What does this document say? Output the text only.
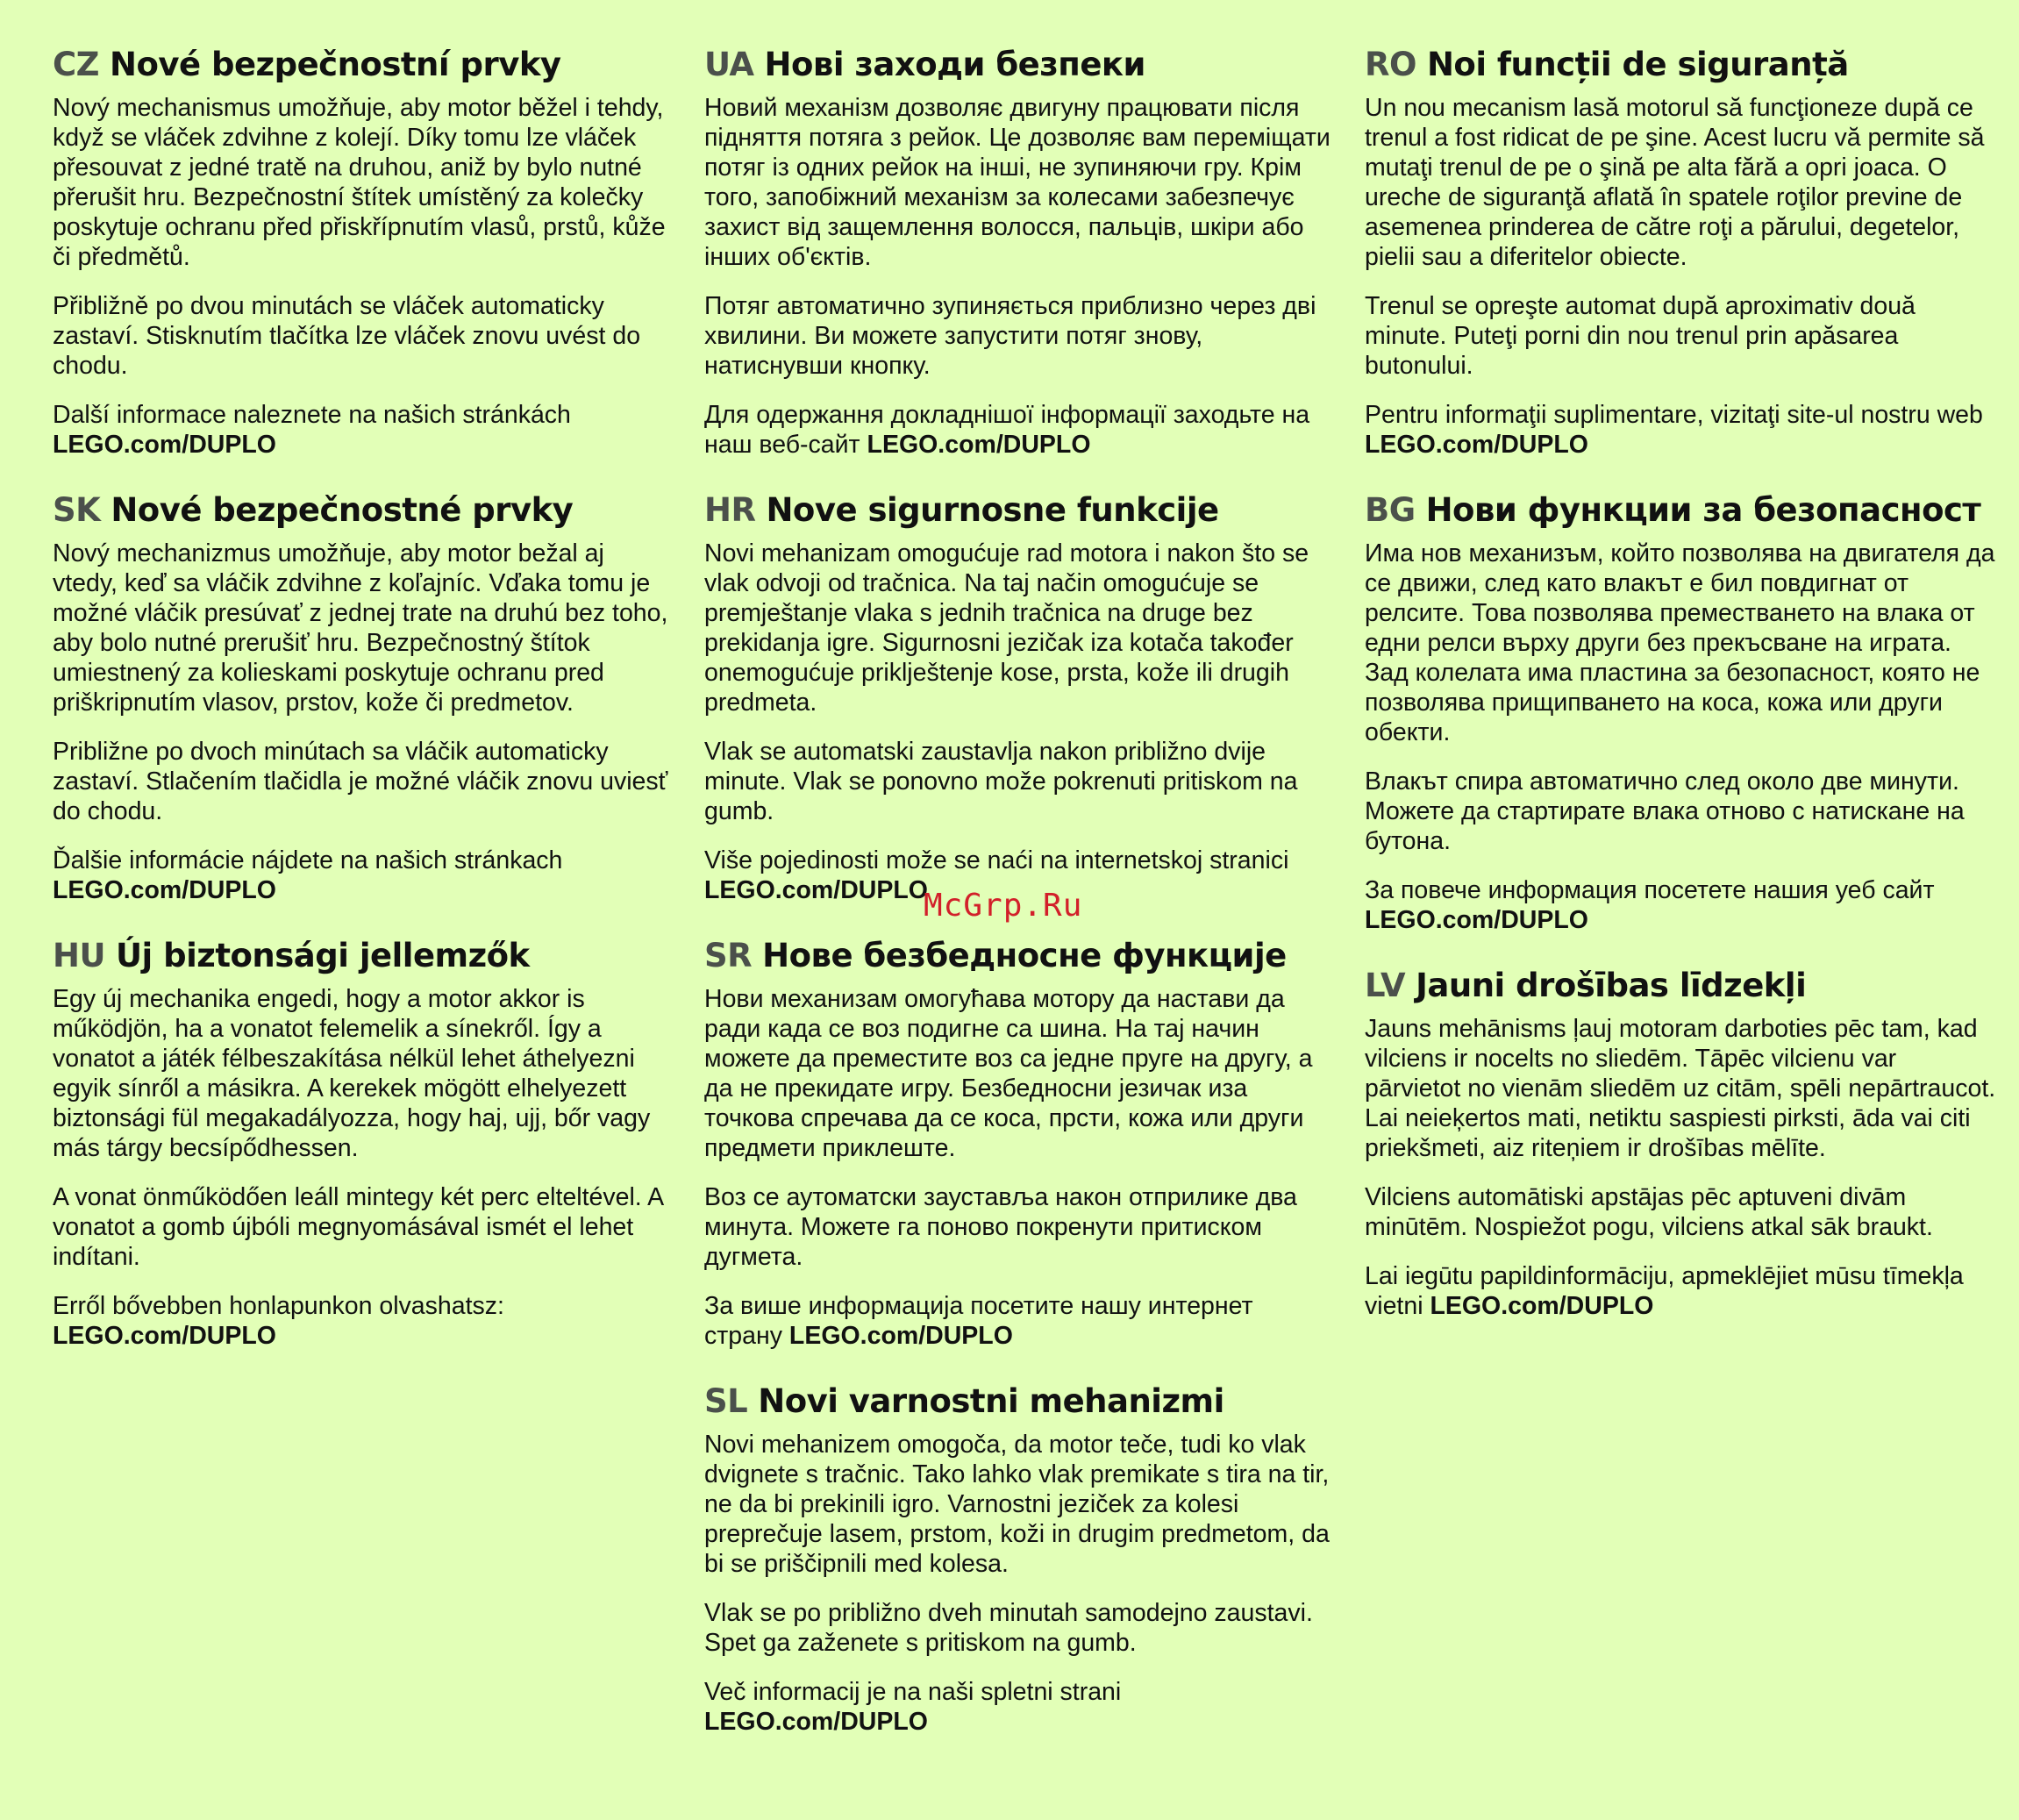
CZ Nové bezpečnostní prvky

Nový mechanismus umožňuje, aby motor běžel i tehdy, když se vláček zdvihne z kolejí. Díky tomu lze vláček přesouvat z jedné tratě na druhou, aniž by bylo nutné přerušit hru. Bezpečnostní štítek umístěný za kolečky poskytuje ochranu před přiskřípnutím vlasů, prstů, kůže či předmětů.

Přibližně po dvou minutách se vláček automaticky zastaví. Stisknutím tlačítka lze vláček znovu uvést do chodu.

Další informace naleznete na našich stránkách
LEGO.com/DUPLO

SK Nové bezpečnostné prvky

Nový mechanizmus umožňuje, aby motor bežal aj vtedy, keď sa vláčik zdvihne z koľajníc. Vďaka tomu je možné vláčik presúvať z jednej trate na druhú bez toho, aby bolo nutné prerušiť hru. Bezpečnostný štítok umiestnený za kolieskami poskytuje ochranu pred priškripnutím vlasov, prstov, kože či predmetov.

Približne po dvoch minútach sa vláčik automaticky zastaví. Stlačením tlačidla je možné vláčik znovu uviesť do chodu.

Ďalšie informácie nájdete na našich stránkach
LEGO.com/DUPLO

HU Új biztonsági jellemzők

Egy új mechanika engedi, hogy a motor akkor is működjön, ha a vonatot felemelik a sínekről. Így a vonatot a játék félbeszakítása nélkül lehet áthelyezni egyik sínről a másikra. A kerekek mögött elhelyezett biztonsági fül megakadályozza, hogy haj, ujj, bőr vagy más tárgy becsípődhessen.

A vonat önműködően leáll mintegy két perc elteltével. A vonatot a gomb újbóli megnyomásával ismét el lehet indítani.

Erről bővebben honlapunkon olvashatsz:
LEGO.com/DUPLO

UA Нові заходи безпеки

Новий механізм дозволяє двигуну працювати після підняття потяга з рейок. Це дозволяє вам переміщати потяг із одних рейок на інші, не зупиняючи гру. Крім того, запобіжний механізм за колесами забезпечує захист від защемлення волосся, пальців, шкіри або інших об'єктів.

Потяг автоматично зупиняється приблизно через дві хвилини. Ви можете запустити потяг знову, натиснувши кнопку.

Для одержання докладнішої інформації заходьте на наш веб-сайт LEGO.com/DUPLO

HR Nove sigurnosne funkcije

Novi mehanizam omogućuje rad motora i nakon što se vlak odvoji od tračnica. Na taj način omogućuje se premještanje vlaka s jednih tračnica na druge bez prekidanja igre. Sigurnosni jezičak iza kotača također onemogućuje priklještenje kose, prsta, kože ili drugih predmeta.

Vlak se automatski zaustavlja nakon približno dvije minute. Vlak se ponovno može pokrenuti pritiskom na gumb.

Više pojedinosti može se naći na internetskoj stranici
LEGO.com/DUPLO

SR Нове безбедносне функције

Нови механизам омогућава мотору да настави да ради када се воз подигне са шина. На тај начин можете да преместите воз са једне пруге на другу, а да не прекидате игру. Безбедносни језичак иза точкова спречава да се коса, прсти, кожа или други предмети приклеште.

Воз се аутоматски зауставља након отприлике два минута. Можете га поново покренути притиском дугмета.

За више информација посетите нашу интернет страну LEGO.com/DUPLO

SL Novi varnostni mehanizmi

Novi mehanizem omogoča, da motor teče, tudi ko vlak dvignete s tračnic. Tako lahko vlak premikate s tira na tir, ne da bi prekinili igro. Varnostni jeziček za kolesi preprečuje lasem, prstom, koži in drugim predmetom, da bi se priščipnili med kolesa.

Vlak se po približno dveh minutah samodejno zaustavi. Spet ga zaženete s pritiskom na gumb.

Več informacij je na naši spletni strani
LEGO.com/DUPLO

RO Noi funcții de siguranță

Un nou mecanism lasă motorul să funcţioneze după ce trenul a fost ridicat de pe şine. Acest lucru vă permite să mutaţi trenul de pe o şină pe alta fără a opri joaca. O ureche de siguranţă aflată în spatele roţilor previne de asemenea prinderea de către roţi a părului, degetelor, pielii sau a diferitelor obiecte.

Trenul se opreşte automat după aproximativ două minute. Puteţi porni din nou trenul prin apăsarea butonului.

Pentru informaţii suplimentare, vizitaţi site-ul nostru web LEGO.com/DUPLO

BG Нови функции за безопасност

Има нов механизъм, който позволява на двигателя да се движи, след като влакът е бил повдигнат от релсите. Това позволява преместването на влака от едни релси върху други без прекъсване на играта. Зад колелата има пластина за безопасност, която не позволява прищипването на коса, кожа или други обекти.

Влакът спира автоматично след около две минути. Можете да стартирате влака отново с натискане на бутона.

За повече информация посетете нашия уеб сайт
LEGO.com/DUPLO

LV Jauni drošības līdzekļi

Jauns mehānisms ļauj motoram darboties pēc tam, kad vilciens ir nocelts no sliedēm. Tāpēc vilcienu var pārvietot no vienām sliedēm uz citām, spēli nepārtraucot. Lai neieķertos mati, netiktu saspiesti pirksti, āda vai citi priekšmeti, aiz riteņiem ir drošības mēlīte.

Vilciens automātiski apstājas pēc aptuveni divām minūtēm. Nospiežot pogu, vilciens atkal sāk braukt.

Lai iegūtu papildinformāciju, apmeklējiet mūsu tīmekļa vietni LEGO.com/DUPLO

McGrp.Ru
